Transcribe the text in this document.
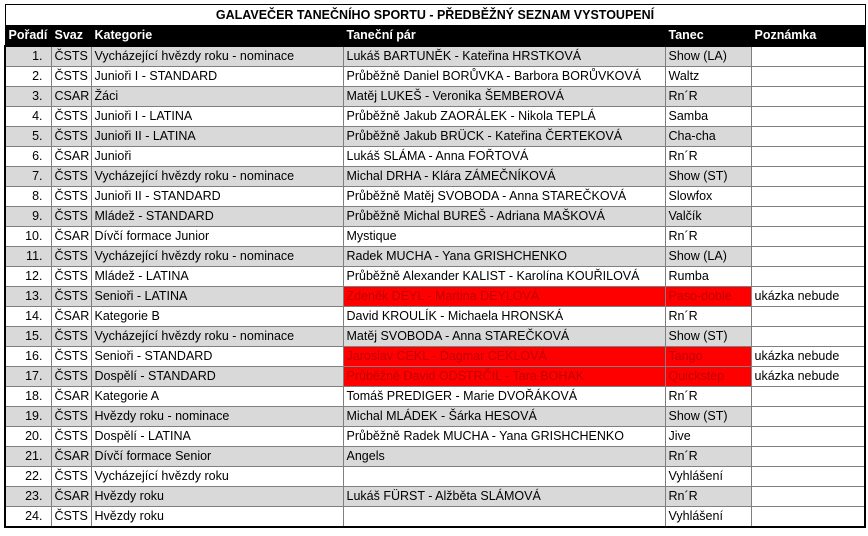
GALAVEČER TANEČNÍHO SPORTU - PŘEDBĚŽNÝ SEZNAM VYSTOUPENÍ					
Pořadí	Svaz	Kategorie	Taneční pár	Tanec	Poznámka
1.	ČSTS	Vycházející hvězdy roku - nominace	Lukáš BARTUNĚK - Kateřina HRSTKOVÁ	Show (LA)	
2.	ČSTS	Junioři I - STANDARD	Průběžně Daniel BORŮVKA - Barbora BORŮVKOVÁ	Waltz	
3.	CSAR	Žáci	Matěj LUKEŠ - Veronika ŠEMBEROVÁ	Rn´R	
4.	ČSTS	Junioři I - LATINA	Průběžně Jakub ZAORÁLEK - Nikola TEPLÁ	Samba	
5.	ČSTS	Junioři II - LATINA	Průběžně Jakub BRÜCK - Kateřina ČERTEKOVÁ	Cha-cha	
6.	ČSAR	Junioři	Lukáš SLÁMA - Anna FOŘTOVÁ	Rn´R	
7.	ČSTS	Vycházející hvězdy roku - nominace	Michal DRHA - Klára ZÁMEČNÍKOVÁ	Show (ST)	
8.	ČSTS	Junioři II - STANDARD	Průběžně Matěj SVOBODA - Anna STAREČKOVÁ	Slowfox	
9.	ČSTS	Mládež - STANDARD	Průběžně Michal BUREŠ - Adriana MAŠKOVÁ	Valčík	
10.	ČSAR	Dívčí formace Junior	Mystique	Rn´R	
11.	ČSTS	Vycházející hvězdy roku - nominace	Radek MUCHA - Yana GRISHCHENKO	Show (LA)	
12.	ČSTS	Mládež - LATINA	Průběžně Alexander KALIST - Karolína KOUŘILOVÁ	Rumba	
13.	ČSTS	Senioři - LATINA	Zdeněk DEYL - Martina DEYLOVÁ	Paso-doble	ukázka nebude
14.	ČSAR	Kategorie B	David KROULÍK - Michaela HRONSKÁ	Rn´R	
15.	ČSTS	Vycházející hvězdy roku - nominace	Matěj SVOBODA - Anna STAREČKOVÁ	Show (ST)	
16.	ČSTS	Senioři - STANDARD	Jaroslav CEKL - Dagmar CEKLOVÁ	Tango	ukázka nebude
17.	ČSTS	Dospělí - STANDARD	Průběžně David ODSTRČIL - Tara BOHAK	Quickstep	ukázka nebude
18.	ČSAR	Kategorie A	Tomáš PREDIGER - Marie DVOŘÁKOVÁ	Rn´R	
19.	ČSTS	Hvězdy roku - nominace	Michal MLÁDEK - Šárka HESOVÁ	Show (ST)	
20.	ČSTS	Dospělí - LATINA	Průběžně Radek MUCHA - Yana GRISHCHENKO	Jive	
21.	ČSAR	Dívčí formace Senior	Angels	Rn´R	
22.	ČSTS	Vycházející hvězdy roku		Vyhlášení	
23.	ČSAR	Hvězdy roku	Lukáš FÜRST - Alžběta SLÁMOVÁ	Rn´R	
24.	ČSTS	Hvězdy roku		Vyhlášení	
